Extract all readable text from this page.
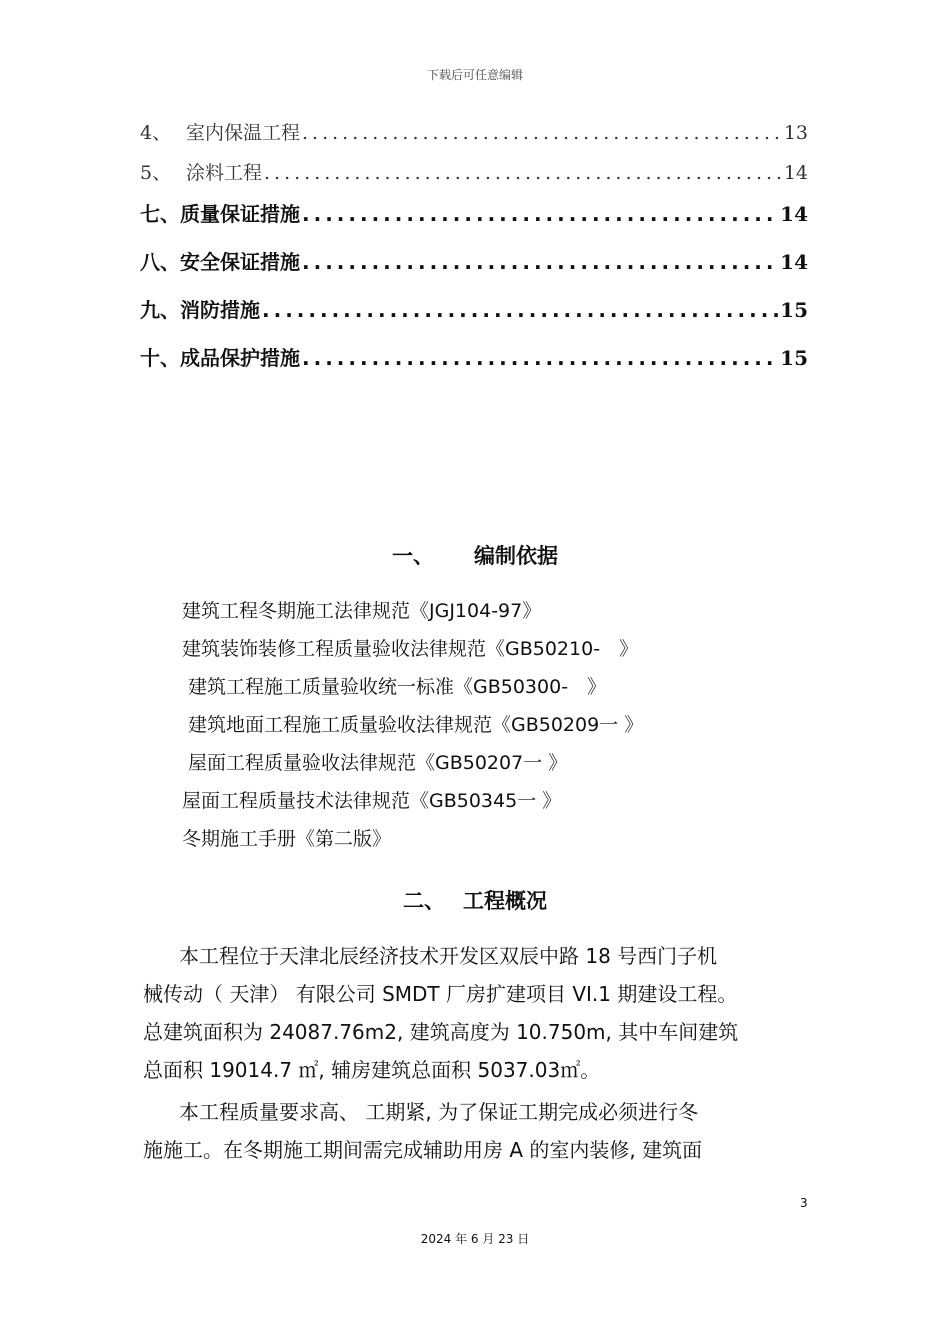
下载后可任意编辑
4、 室内保温工程 .....	13
5、 涂料工程 .....	14
七、 质量保证措施 .....	14
八、 安全保证措施 .....	14
九、 消防措施 .....	15
十、 成品保护措施 .....	15
一、 编制依据
建筑工程冬期施工法律规范《JGJ104-97》
建筑装饰装修工程质量验收法律规范《GB50210-　》
建筑工程施工质量验收统一标准《GB50300-　》
建筑地面工程施工质量验收法律规范《GB50209一 》
屋面工程质量验收法律规范《GB50207一 》
屋面工程质量技术法律规范《GB50345一 》
冬期施工手册《第二版》
二、 工程概况
本工程位于天津北辰经济技术开发区双辰中路 18 号西门子机
械传动（ 天津） 有限公司 SMDT 厂房扩建项目 VI.1 期建设工程。
总建筑面积为 24087.76m2, 建筑高度为 10.750m, 其中车间建筑
总面积 19014.7 ㎡, 辅房建筑总面积 5037.03㎡。
本工程质量要求高、 工期紧, 为了保证工期完成必须进行冬
施施工。在冬期施工期间需完成辅助用房 A 的室内装修, 建筑面
3
2024 年 6 月 23 日
